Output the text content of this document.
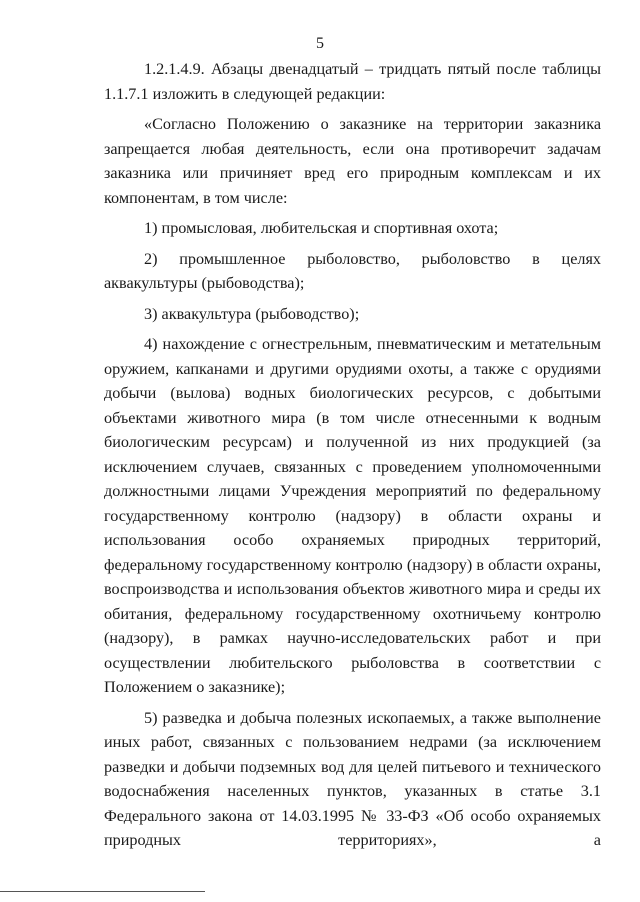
5

1.2.1.4.9. Абзацы двенадцатый – тридцать пятый после таблицы 1.1.7.1 изложить в следующей редакции:

«Согласно Положению о заказнике на территории заказника запрещается любая деятельность, если она противоречит задачам заказника или причиняет вред его природным комплексам и их компонентам, в том числе:

1) промысловая, любительская и спортивная охота;

2) промышленное рыболовство, рыболовство в целях аквакультуры (рыбоводства);

3) аквакультура (рыбоводство);

4) нахождение с огнестрельным, пневматическим и метательным оружием, капканами и другими орудиями охоты, а также с орудиями добычи (вылова) водных биологических ресурсов, с добытыми объектами животного мира (в том числе отнесенными к водным биологическим ресурсам) и полученной из них продукцией (за исключением случаев, связанных с проведением уполномоченными должностными лицами Учреждения мероприятий по федеральному государственному контролю (надзору) в области охраны и использования особо охраняемых природных территорий, федеральному государственному контролю (надзору) в области охраны, воспроизводства и использования объектов животного мира и среды их обитания, федеральному государственному охотничьему контролю (надзору), в рамках научно-исследовательских работ и при осуществлении любительского рыболовства в соответствии с Положением о заказнике);

5) разведка и добыча полезных ископаемых, а также выполнение иных работ, связанных с пользованием недрами (за исключением разведки и добычи подземных вод для целей питьевого и технического водоснабжения населенных пунктов, указанных в статье 3.1 Федерального закона от 14.03.1995 № 33-ФЗ «Об особо охраняемых природных территориях», а
